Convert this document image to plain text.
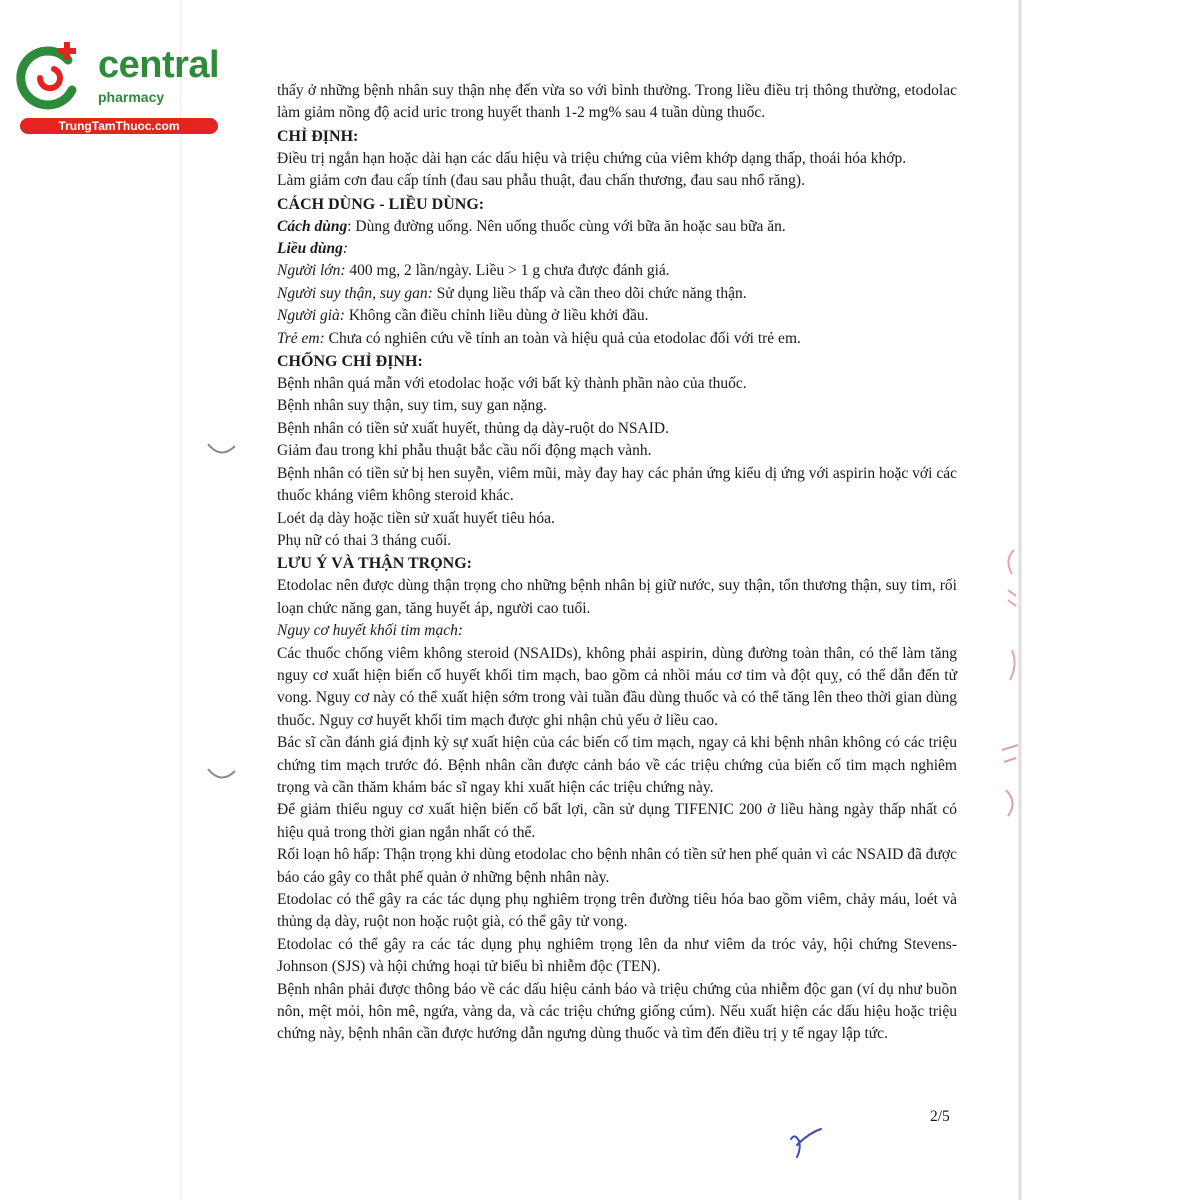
central
pharmacy
TrungTamThuoc.com

thấy ở những bệnh nhân suy thận nhẹ đến vừa so với bình thường. Trong liều điều trị thông thường, etodolac làm giảm nồng độ acid uric trong huyết thanh 1-2 mg% sau 4 tuần dùng thuốc.

CHỈ ĐỊNH:

Điều trị ngắn hạn hoặc dài hạn các dấu hiệu và triệu chứng của viêm khớp dạng thấp, thoái hóa khớp.

Làm giảm cơn đau cấp tính (đau sau phẫu thuật, đau chấn thương, đau sau nhổ răng).

CÁCH DÙNG - LIỀU DÙNG:

Cách dùng: Dùng đường uống. Nên uống thuốc cùng với bữa ăn hoặc sau bữa ăn.

Liều dùng:

Người lớn: 400 mg, 2 lần/ngày. Liều > 1 g chưa được đánh giá.

Người suy thận, suy gan: Sử dụng liều thấp và cần theo dõi chức năng thận.

Người già: Không cần điều chỉnh liều dùng ở liều khởi đầu.

Trẻ em: Chưa có nghiên cứu về tính an toàn và hiệu quả của etodolac đối với trẻ em.

CHỐNG CHỈ ĐỊNH:

Bệnh nhân quá mẫn với etodolac hoặc với bất kỳ thành phần nào của thuốc.

Bệnh nhân suy thận, suy tim, suy gan nặng.

Bệnh nhân có tiền sử xuất huyết, thủng dạ dày-ruột do NSAID.

Giảm đau trong khi phẫu thuật bắc cầu nối động mạch vành.

Bệnh nhân có tiền sử bị hen suyễn, viêm mũi, mày đay hay các phản ứng kiểu dị ứng với aspirin hoặc với các thuốc kháng viêm không steroid khác.

Loét dạ dày hoặc tiền sử xuất huyết tiêu hóa.

Phụ nữ có thai 3 tháng cuối.

LƯU Ý VÀ THẬN TRỌNG:

Etodolac nên được dùng thận trọng cho những bệnh nhân bị giữ nước, suy thận, tổn thương thận, suy tim, rối loạn chức năng gan, tăng huyết áp, người cao tuổi.

Nguy cơ huyết khối tim mạch:

Các thuốc chống viêm không steroid (NSAIDs), không phải aspirin, dùng đường toàn thân, có thể làm tăng nguy cơ xuất hiện biến cố huyết khối tim mạch, bao gồm cả nhồi máu cơ tim và đột quỵ, có thể dẫn đến tử vong. Nguy cơ này có thể xuất hiện sớm trong vài tuần đầu dùng thuốc và có thể tăng lên theo thời gian dùng thuốc. Nguy cơ huyết khối tim mạch được ghi nhận chủ yếu ở liều cao.

Bác sĩ cần đánh giá định kỳ sự xuất hiện của các biến cố tim mạch, ngay cả khi bệnh nhân không có các triệu chứng tim mạch trước đó. Bệnh nhân cần được cảnh báo về các triệu chứng của biến cố tim mạch nghiêm trọng và cần thăm khám bác sĩ ngay khi xuất hiện các triệu chứng này.

Để giảm thiểu nguy cơ xuất hiện biến cố bất lợi, cần sử dụng TIFENIC 200 ở liều hàng ngày thấp nhất có hiệu quả trong thời gian ngắn nhất có thể.

Rối loạn hô hấp: Thận trọng khi dùng etodolac cho bệnh nhân có tiền sử hen phế quản vì các NSAID đã được báo cáo gây co thắt phế quản ở những bệnh nhân này.

Etodolac có thể gây ra các tác dụng phụ nghiêm trọng trên đường tiêu hóa bao gồm viêm, chảy máu, loét và thủng dạ dày, ruột non hoặc ruột già, có thể gây tử vong.

Etodolac có thể gây ra các tác dụng phụ nghiêm trọng lên da như viêm da tróc vảy, hội chứng Stevens-Johnson (SJS) và hội chứng hoại tử biểu bì nhiễm độc (TEN).

Bệnh nhân phải được thông báo về các dấu hiệu cảnh báo và triệu chứng của nhiễm độc gan (ví dụ như buồn nôn, mệt mỏi, hôn mê, ngứa, vàng da, và các triệu chứng giống cúm). Nếu xuất hiện các dấu hiệu hoặc triệu chứng này, bệnh nhân cần được hướng dẫn ngưng dùng thuốc và tìm đến điều trị y tế ngay lập tức.

2/5
